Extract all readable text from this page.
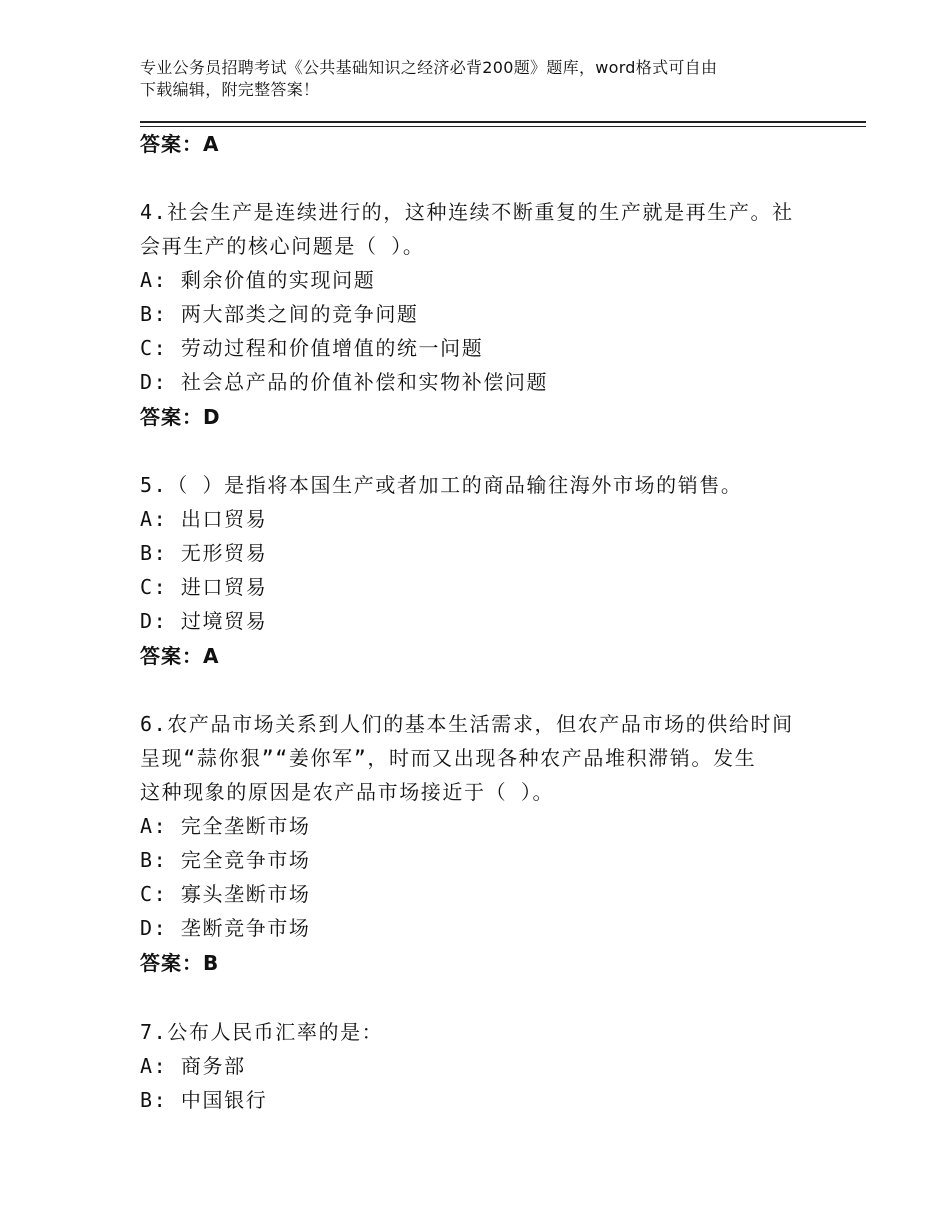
专业公务员招聘考试《公共基础知识之经济必背200题》题库，word格式可自由
下载编辑，附完整答案！
答案：A
4.社会生产是连续进行的，这种连续不断重复的生产就是再生产。社
会再生产的核心问题是（ ）。
A: 剩余价值的实现问题
B: 两大部类之间的竞争问题
C: 劳动过程和价值增值的统一问题
D: 社会总产品的价值补偿和实物补偿问题
答案：D
5.（ ）是指将本国生产或者加工的商品输往海外市场的销售。
A: 出口贸易
B: 无形贸易
C: 进口贸易
D: 过境贸易
答案：A
6.农产品市场关系到人们的基本生活需求，但农产品市场的供给时间
呈现“蒜你狠”“姜你军”，时而又出现各种农产品堆积滞销。发生
这种现象的原因是农产品市场接近于（ ）。
A: 完全垄断市场
B: 完全竞争市场
C: 寡头垄断市场
D: 垄断竞争市场
答案：B
7.公布人民币汇率的是：
A: 商务部
B: 中国银行
